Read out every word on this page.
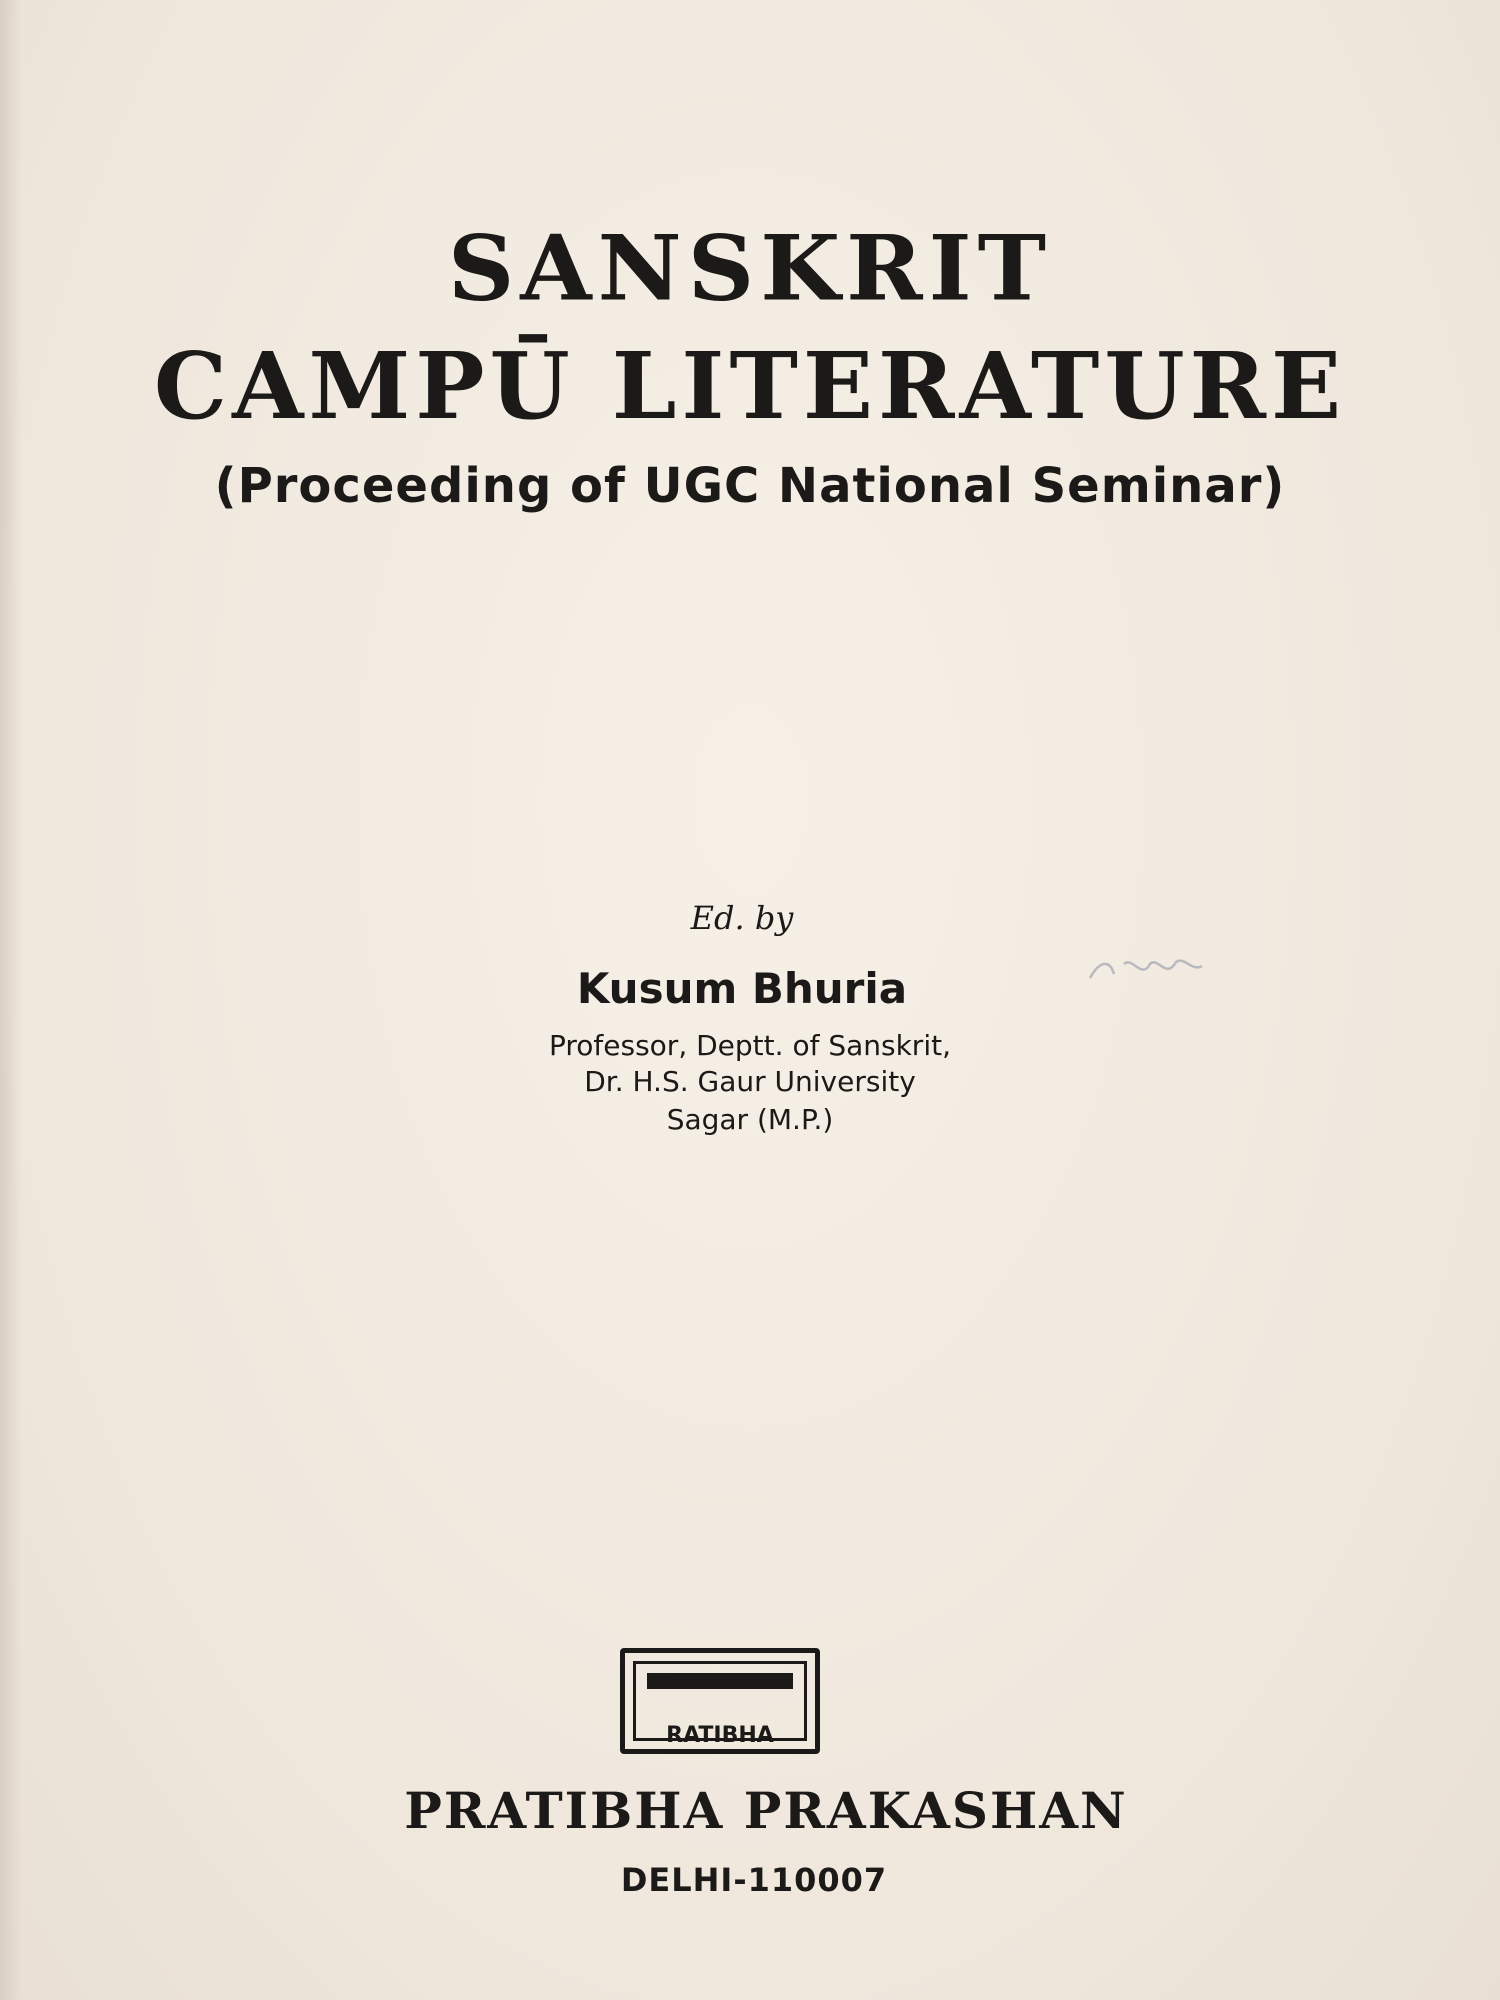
SANSKRIT
CAMPŪ LITERATURE
(Proceeding of UGC National Seminar)
Ed. by
Kusum Bhuria
Professor, Deptt. of Sanskrit,
Dr. H.S. Gaur University
Sagar (M.P.)
RATIBHA
PRATIBHA PRAKASHAN
DELHI-110007
